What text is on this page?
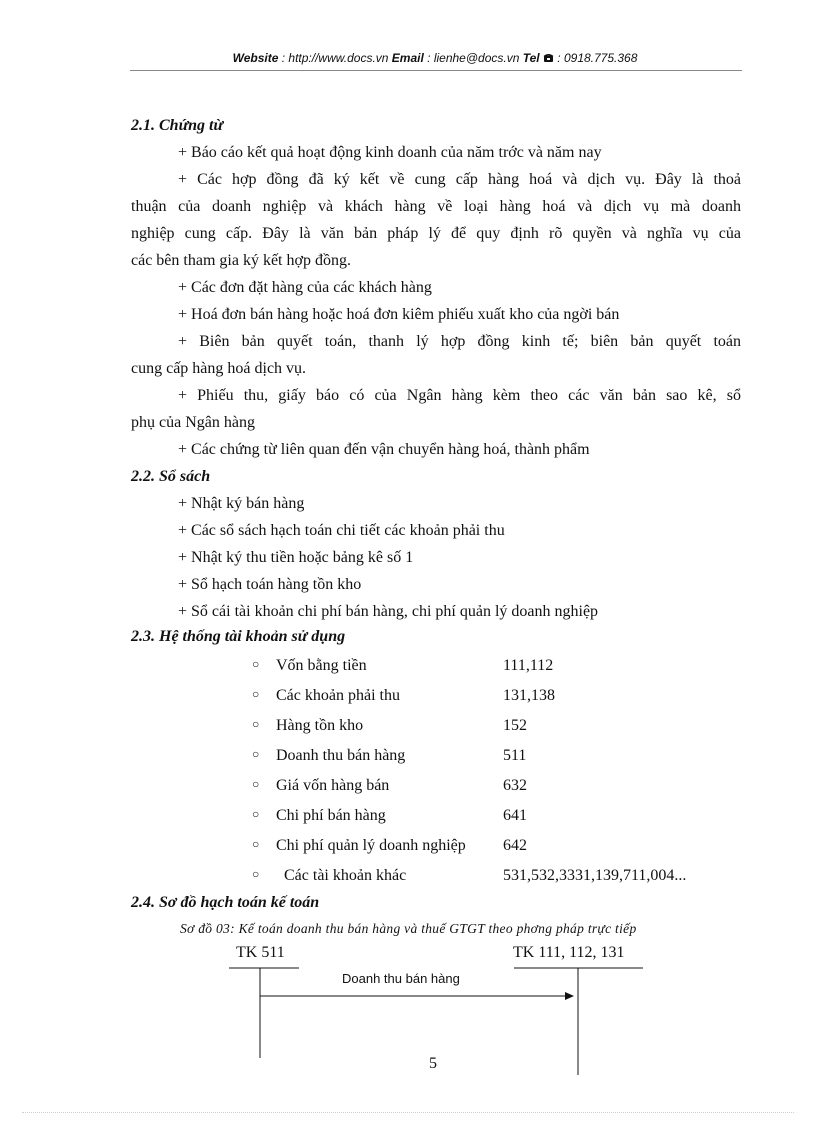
Website : http://www.docs.vn Email : lienhe@docs.vn Tel  : 0918.775.368
2.1. Chứng từ
+ Báo cáo kết quả hoạt động kinh doanh của năm trớc và năm nay
+ Các hợp đồng đã ký kết về cung cấp hàng hoá và dịch vụ. Đây là thoả
thuận của doanh nghiệp và khách hàng về loại hàng hoá và dịch vụ mà doanh
nghiệp cung cấp. Đây là văn bản pháp lý để quy định rõ quyền và nghĩa vụ của
các bên tham gia ký kết hợp đồng.
+ Các đơn đặt hàng của các khách hàng
+ Hoá đơn bán hàng hoặc hoá đơn kiêm phiếu xuất kho của ngời bán
+ Biên bản quyết toán, thanh lý hợp đồng kinh tế; biên bản quyết toán
cung cấp hàng hoá dịch vụ.
+ Phiếu thu, giấy báo có của Ngân hàng kèm theo các văn bản sao kê, sổ
phụ của Ngân hàng
+ Các chứng từ liên quan đến vận chuyển hàng hoá, thành phẩm
2.2. Sổ sách
+ Nhật ký bán hàng
+ Các sổ sách hạch toán chi tiết các khoản phải thu
+ Nhật ký thu tiền hoặc bảng kê số 1
+ Sổ hạch toán hàng tồn kho
+ Sổ cái tài khoản chi phí bán hàng, chi phí quản lý doanh nghiệp
2.3. Hệ thống tài khoản sử dụng
○ Vốn bằng tiền	111,112
○ Các khoản phải thu	131,138
○ Hàng tồn kho	152
○ Doanh thu bán hàng	511
○ Giá vốn hàng bán	632
○ Chi phí bán hàng	641
○ Chi phí quản lý doanh nghiệp 642
○ Các tài khoản khác	531,532,3331,139,711,004...
2.4. Sơ đồ hạch toán kế toán
Sơ đồ 03: Kế toán doanh thu bán hàng và thuế GTGT theo phơng pháp trực tiếp
TK 511	TK 111, 112, 131
Doanh thu bán hàng
5
